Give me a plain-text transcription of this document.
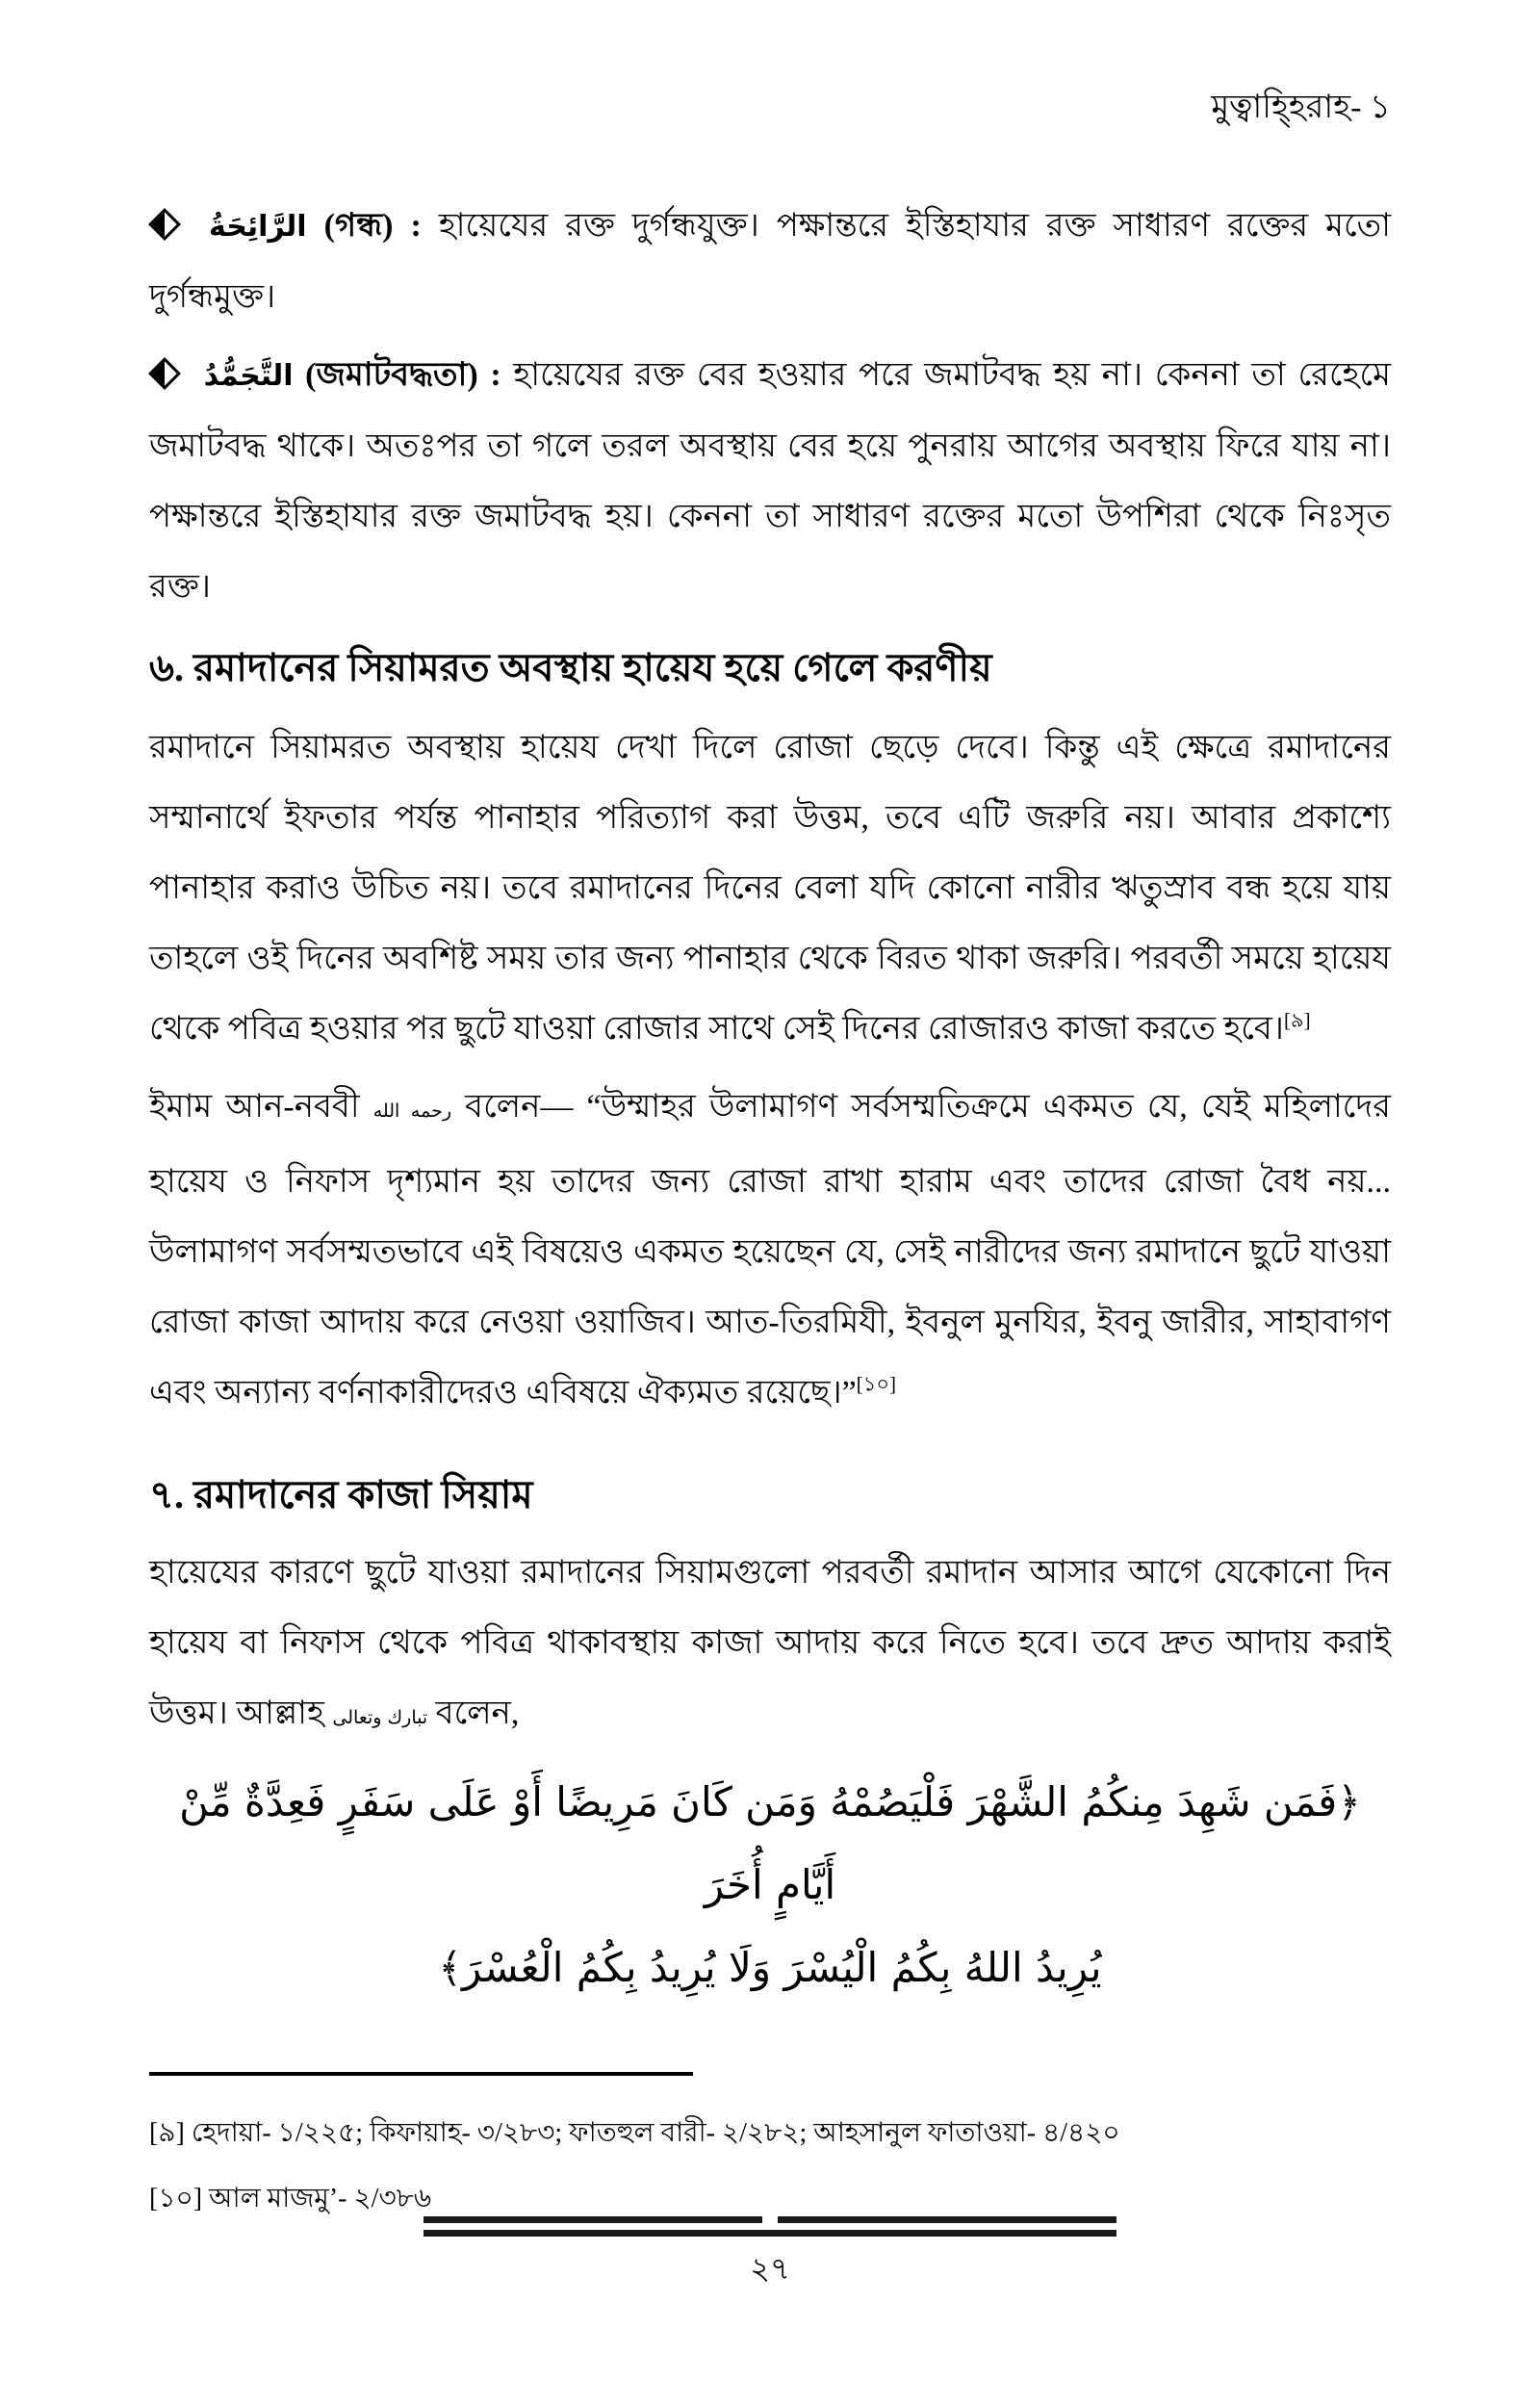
মুত্বাহ্হিরাহ- ১

الرَّائِحَةُ (গন্ধ) : হায়েযের রক্ত দুর্গন্ধযুক্ত। পক্ষান্তরে ইস্তিহাযার রক্ত সাধারণ রক্তের মতো দুর্গন্ধমুক্ত।

التَّجَمُّدُ (জমাটবদ্ধতা) : হায়েযের রক্ত বের হওয়ার পরে জমাটবদ্ধ হয় না। কেননা তা রেহেমে জমাটবদ্ধ থাকে। অতঃপর তা গলে তরল অবস্থায় বের হয়ে পুনরায় আগের অবস্থায় ফিরে যায় না। পক্ষান্তরে ইস্তিহাযার রক্ত জমাটবদ্ধ হয়। কেননা তা সাধারণ রক্তের মতো উপশিরা থেকে নিঃসৃত রক্ত।

৬. রমাদানের সিয়ামরত অবস্থায় হায়েয হয়ে গেলে করণীয়

রমাদানে সিয়ামরত অবস্থায় হায়েয দেখা দিলে রোজা ছেড়ে দেবে। কিন্তু এই ক্ষেত্রে রমাদানের সম্মানার্থে ইফতার পর্যন্ত পানাহার পরিত্যাগ করা উত্তম, তবে এটি জরুরি নয়। আবার প্রকাশ্যে পানাহার করাও উচিত নয়। তবে রমাদানের দিনের বেলা যদি কোনো নারীর ঋতুস্রাব বন্ধ হয়ে যায় তাহলে ওই দিনের অবশিষ্ট সময় তার জন্য পানাহার থেকে বিরত থাকা জরুরি। পরবর্তী সময়ে হায়েয থেকে পবিত্র হওয়ার পর ছুটে যাওয়া রোজার সাথে সেই দিনের রোজারও কাজা করতে হবে।[৯]

ইমাম আন-নববী رحمه الله বলেন— “উম্মাহর উলামাগণ সর্বসম্মতিক্রমে একমত যে, যেই মহিলাদের হায়েয ও নিফাস দৃশ্যমান হয় তাদের জন্য রোজা রাখা হারাম এবং তাদের রোজা বৈধ নয়... উলামাগণ সর্বসম্মতভাবে এই বিষয়েও একমত হয়েছেন যে, সেই নারীদের জন্য রমাদানে ছুটে যাওয়া রোজা কাজা আদায় করে নেওয়া ওয়াজিব। আত-তিরমিযী, ইবনুল মুনযির, ইবনু জারীর, সাহাবাগণ এবং অন্যান্য বর্ণনাকারীদেরও এবিষয়ে ঐক্যমত রয়েছে।”[১০]

৭. রমাদানের কাজা সিয়াম

হায়েযের কারণে ছুটে যাওয়া রমাদানের সিয়ামগুলো পরবর্তী রমাদান আসার আগে যেকোনো দিন হায়েয বা নিফাস থেকে পবিত্র থাকাবস্থায় কাজা আদায় করে নিতে হবে। তবে দ্রুত আদায় করাই উত্তম। আল্লাহ تبارك وتعالى বলেন,

﴿فَمَن شَهِدَ مِنكُمُ الشَّهْرَ فَلْيَصُمْهُ وَمَن كَانَ مَرِيضًا أَوْ عَلَى سَفَرٍ فَعِدَّةٌ مِّنْ أَيَّامٍ أُخَرَ
يُرِيدُ اللهُ بِكُمُ الْيُسْرَ وَلَا يُرِيدُ بِكُمُ الْعُسْرَ﴾

[৯] হেদায়া- ১/২২৫; কিফায়াহ- ৩/২৮৩; ফাতহুল বারী- ২/২৮২; আহসানুল ফাতাওয়া- ৪/৪২০

[১০] আল মাজমু’- ২/৩৮৬

২৭
